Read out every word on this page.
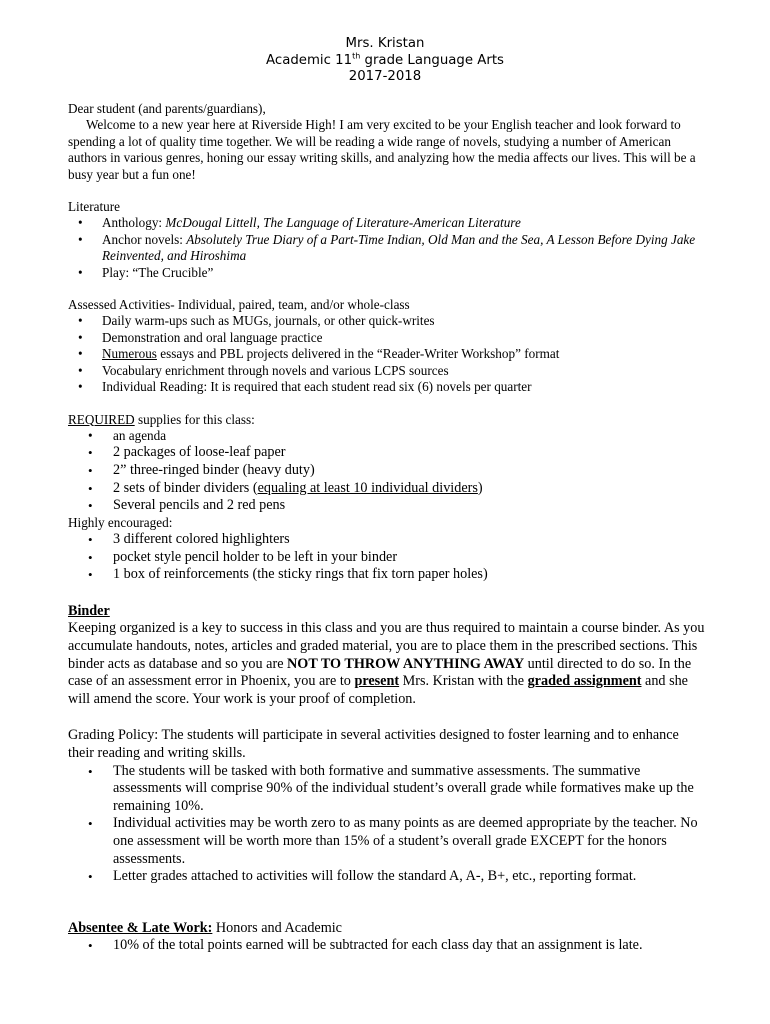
Mrs. Kristan
Academic 11th grade Language Arts
2017-2018

Dear student (and parents/guardians),

Welcome to a new year here at Riverside High! I am very excited to be your English teacher and look forward to spending a lot of quality time together. We will be reading a wide range of novels, studying a number of American authors in various genres, honing our essay writing skills, and analyzing how the media affects our lives. This will be a busy year but a fun one!

Literature

• Anthology: McDougal Littell, The Language of Literature-American Literature
• Anchor novels: Absolutely True Diary of a Part-Time Indian, Old Man and the Sea, A Lesson Before Dying Jake Reinvented, and Hiroshima
• Play: “The Crucible”

Assessed Activities- Individual, paired, team, and/or whole-class

• Daily warm-ups such as MUGs, journals, or other quick-writes
• Demonstration and oral language practice
• Numerous essays and PBL projects delivered in the “Reader-Writer Workshop” format
• Vocabulary enrichment through novels and various LCPS sources
• Individual Reading: It is required that each student read six (6) novels per quarter

REQUIRED supplies for this class:

• an agenda
• 2 packages of loose-leaf paper
• 2” three-ringed binder (heavy duty)
• 2 sets of binder dividers (equaling at least 10 individual dividers)
• Several pencils and 2 red pens

Highly encouraged:

• 3 different colored highlighters
• pocket style pencil holder to be left in your binder
• 1 box of reinforcements (the sticky rings that fix torn paper holes)

Binder

Keeping organized is a key to success in this class and you are thus required to maintain a course binder. As you accumulate handouts, notes, articles and graded material, you are to place them in the prescribed sections. This binder acts as database and so you are NOT TO THROW ANYTHING AWAY until directed to do so. In the case of an assessment error in Phoenix, you are to present Mrs. Kristan with the graded assignment and she will amend the score. Your work is your proof of completion.

Grading Policy: The students will participate in several activities designed to foster learning and to enhance their reading and writing skills.

• The students will be tasked with both formative and summative assessments. The summative assessments will comprise 90% of the individual student’s overall grade while formatives make up the remaining 10%.
• Individual activities may be worth zero to as many points as are deemed appropriate by the teacher. No one assessment will be worth more than 15% of a student’s overall grade EXCEPT for the honors assessments.
• Letter grades attached to activities will follow the standard A, A-, B+, etc., reporting format.

Absentee & Late Work: Honors and Academic

• 10% of the total points earned will be subtracted for each class day that an assignment is late.
